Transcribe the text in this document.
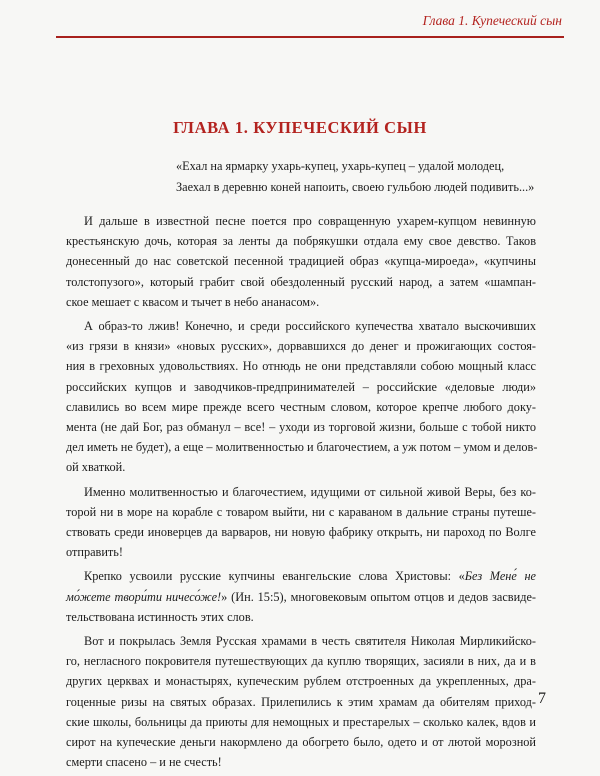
Глава 1. Купеческий сын
ГЛАВА 1. КУПЕЧЕСКИЙ СЫН
«Ехал на ярмарку ухарь-купец, ухарь-купец – удалой молодец,
Заехал в деревню коней напоить, своею гульбою людей подивить...»
И дальше в известной песне поется про совращенную ухарем-купцом невинную
крестьянскую дочь, которая за ленты да побрякушки отдала ему свое девство. Таков
донесенный до нас советской песенной традицией образ «купца-мироеда», «купчины
толстопузого», который грабит свой обездоленный русский народ, а затем «шампан-
ское мешает с квасом и тычет в небо ананасом».
А образ-то лжив! Конечно, и среди российского купечества хватало выскочивших
«из грязи в князи» «новых русских», дорвавшихся до денег и прожигающих состоя-
ния в греховных удовольствиях. Но отнюдь не они представляли собою мощный класс
российских купцов и заводчиков-предпринимателей – российские «деловые люди»
славились во всем мире прежде всего честным словом, которое крепче любого доку-
мента (не дай Бог, раз обманул – все! – уходи из торговой жизни, больше с тобой никто
дел иметь не будет), а еще – молитвенностью и благочестием, а уж потом – умом и делов-
ой хваткой.
Именно молитвенностью и благочестием, идущими от сильной живой Веры, без ко-
торой ни в море на корабле с товаром выйти, ни с караваном в дальние страны путеше-
ствовать среди иноверцев да варваров, ни новую фабрику открыть, ни пароход по Волге
отправить!
Крепко усвоили русские купчины евангельские слова Христовы: «Без Мене́ не
мо́жете твори́ти ничесо́же!» (Ин. 15:5), многовековым опытом отцов и дедов засвиде-
тельствована истинность этих слов.
Вот и покрылась Земля Русская храмами в честь святителя Николая Мирликийско-
го, негласного покровителя путешествующих да куплю творящих, засияли в них, да и в
других церквах и монастырях, купеческим рублем отстроенных да укрепленных, дра-
гоценные ризы на святых образах. Прилепились к этим храмам да обителям приход-
ские школы, больницы да приюты для немощных и престарелых – сколько калек, вдов и
сирот на купеческие деньги накормлено да обогрето было, одето и от лютой морозной
смерти спасено – и не счесть!
7
